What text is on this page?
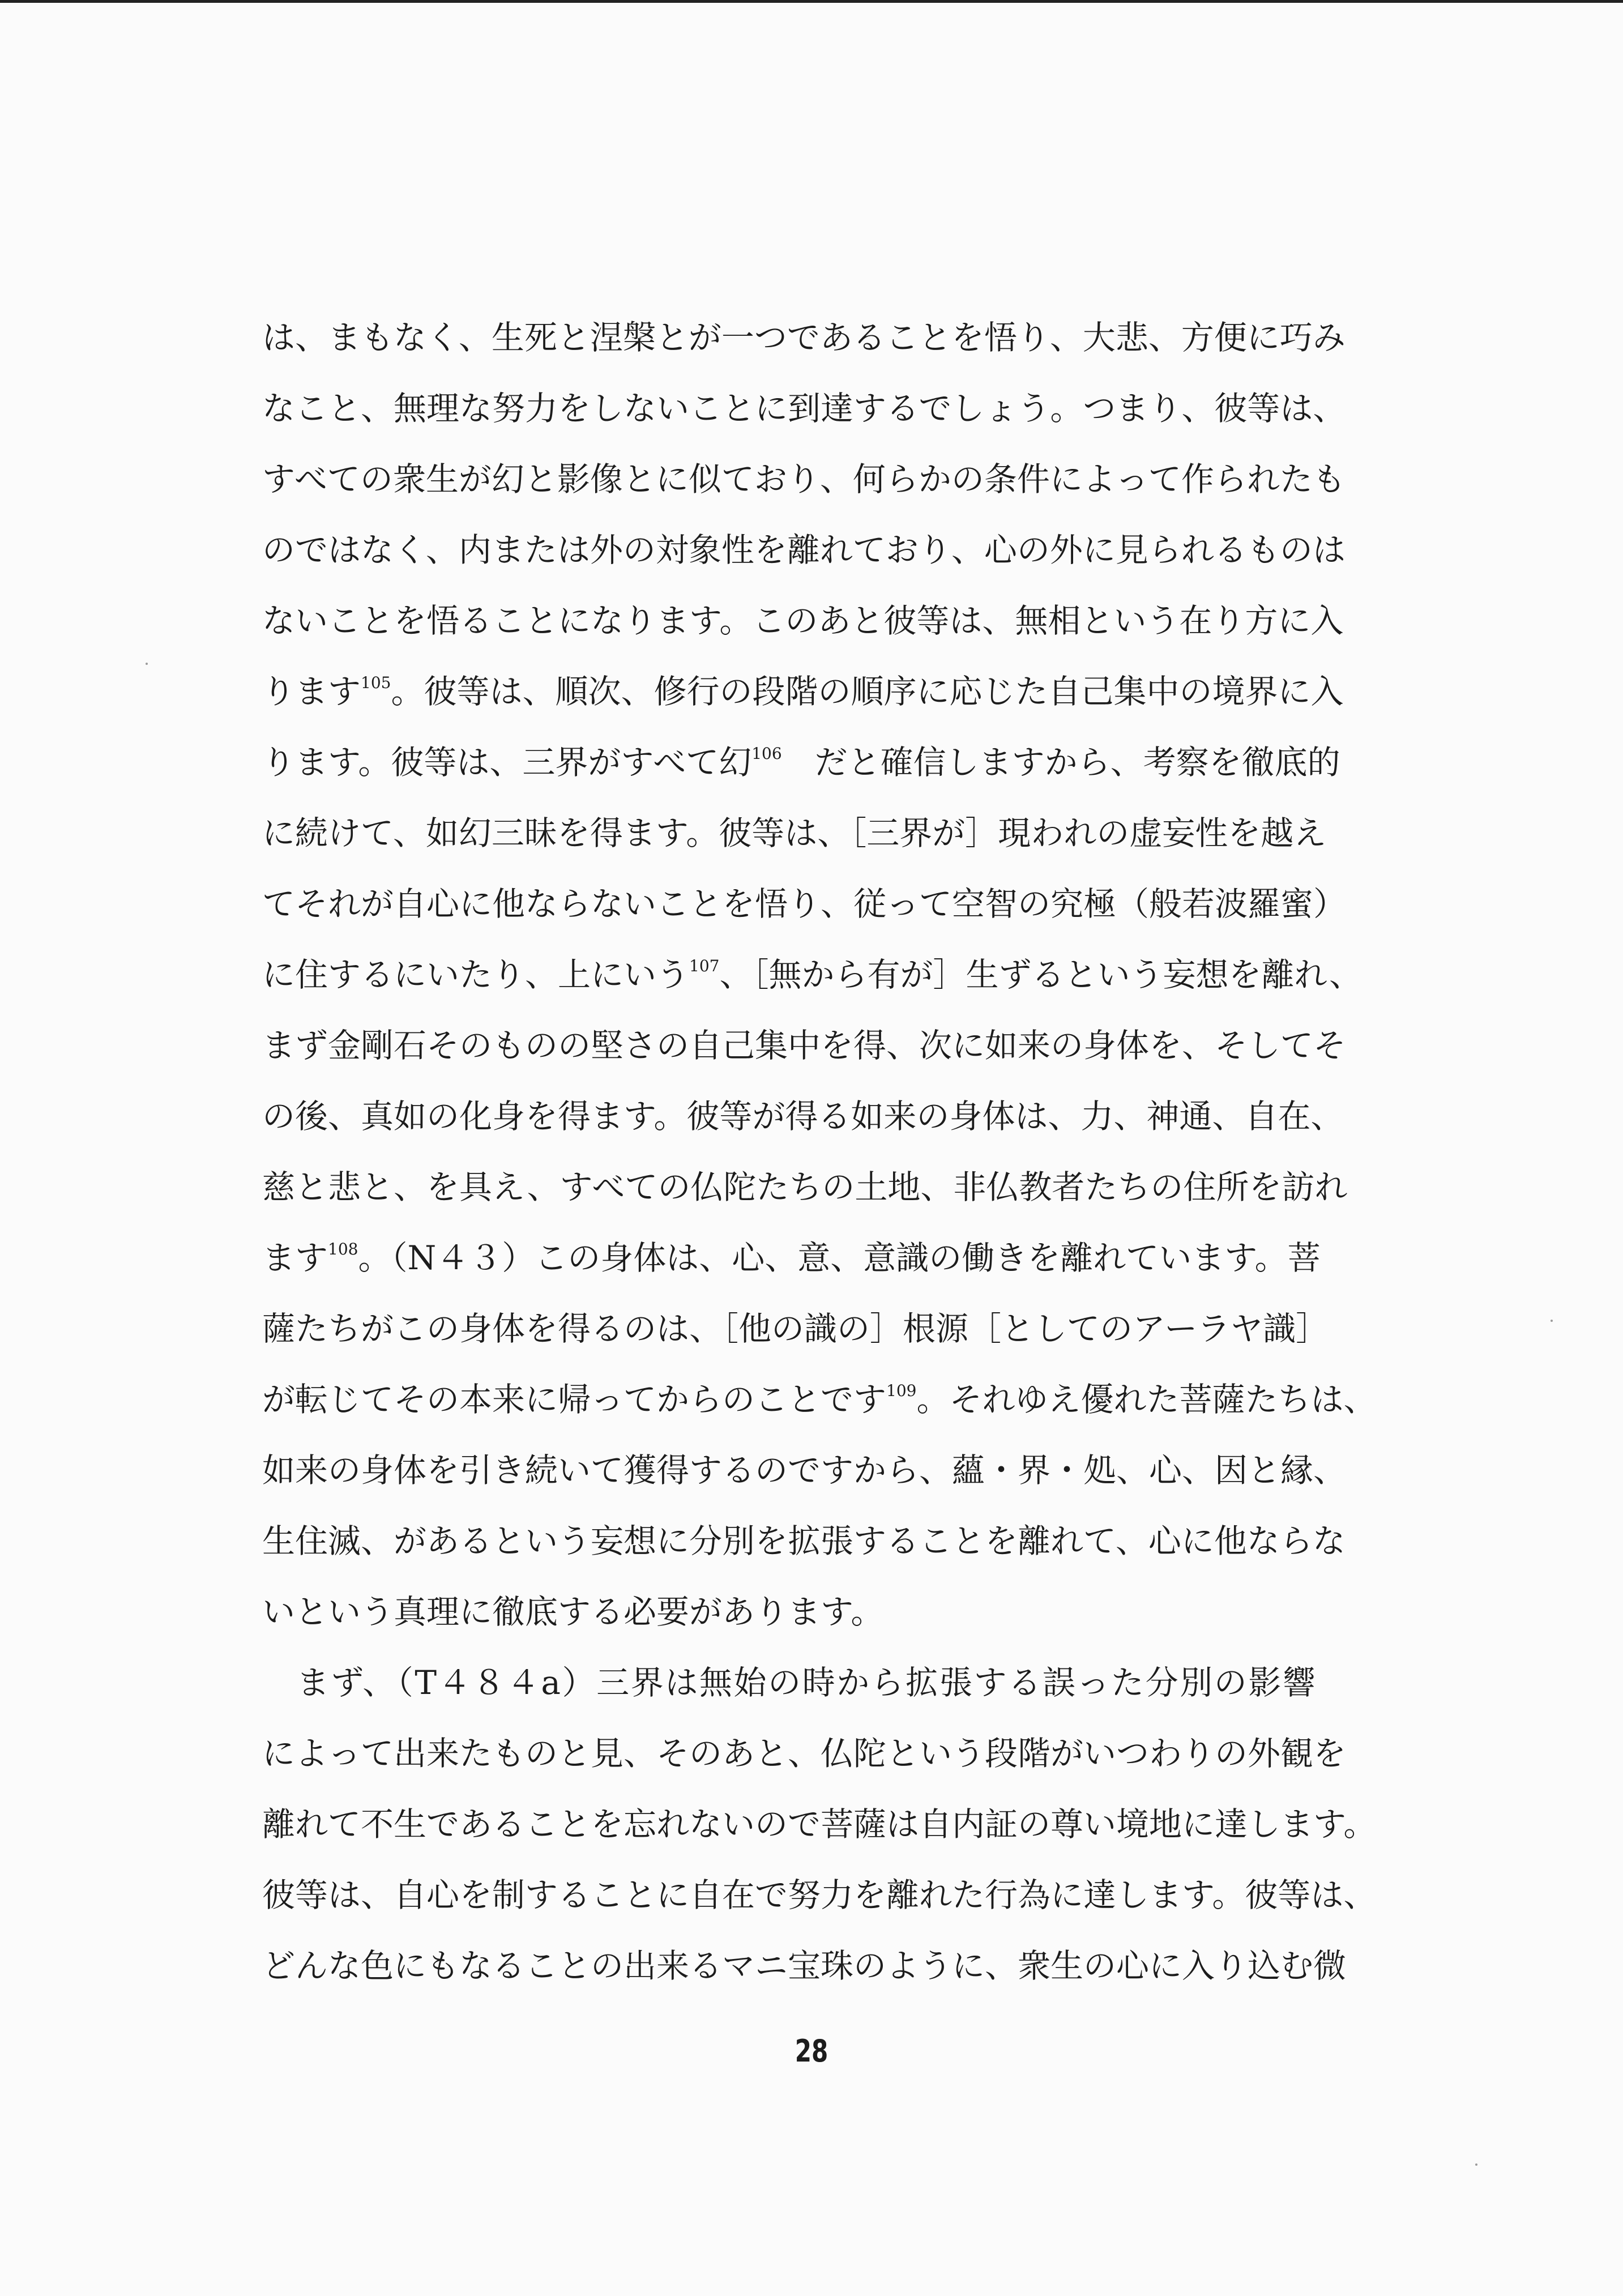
は、まもなく、生死と涅槃とが一つであることを悟り、大悲、方便に巧み
なこと、無理な努力をしないことに到達するでしょう。つまり、彼等は、
すべての衆生が幻と影像とに似ており、何らかの条件によって作られたも
のではなく、内または外の対象性を離れており、心の外に見られるものは
ないことを悟ることになります。このあと彼等は、無相という在り方に入
ります$^{105}$。彼等は、順次、修行の段階の順序に応じた自己集中の境界に入
ります。彼等は、三界がすべて幻$^{106}$　だと確信しますから、考察を徹底的
に続けて、如幻三昧を得ます。彼等は、［三界が］現われの虚妄性を越え
てそれが自心に他ならないことを悟り、従って空智の究極（般若波羅蜜）
に住するにいたり、上にいう$^{107}$、［無から有が］生ずるという妄想を離れ、
まず金剛石そのものの堅さの自己集中を得、次に如来の身体を、そしてそ
の後、真如の化身を得ます。彼等が得る如来の身体は、力、神通、自在、
慈と悲と、を具え、すべての仏陀たちの土地、非仏教者たちの住所を訪れ
ます$^{108}$。（N４３）この身体は、心、意、意識の働きを離れています。菩
薩たちがこの身体を得るのは、［他の識の］根源［としてのアーラヤ識］
が転じてその本来に帰ってからのことです$^{109}$。それゆえ優れた菩薩たちは、
如来の身体を引き続いて獲得するのですから、蘊・界・処、心、因と縁、
生住滅、があるという妄想に分別を拡張することを離れて、心に他ならな
いという真理に徹底する必要があります。
　まず、（T４８４a）三界は無始の時から拡張する誤った分別の影響
によって出来たものと見、そのあと、仏陀という段階がいつわりの外観を
離れて不生であることを忘れないので菩薩は自内証の尊い境地に達します。
彼等は、自心を制することに自在で努力を離れた行為に達します。彼等は、
どんな色にもなることの出来るマニ宝珠のように、衆生の心に入り込む微
28
